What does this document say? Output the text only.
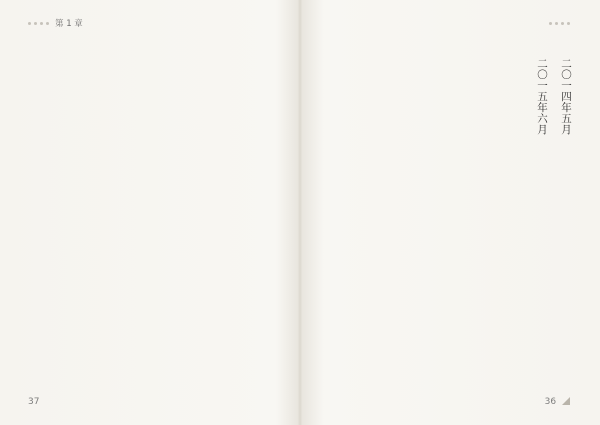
第 1 章
37
二〇一四年五月
二〇一五年六月
36
